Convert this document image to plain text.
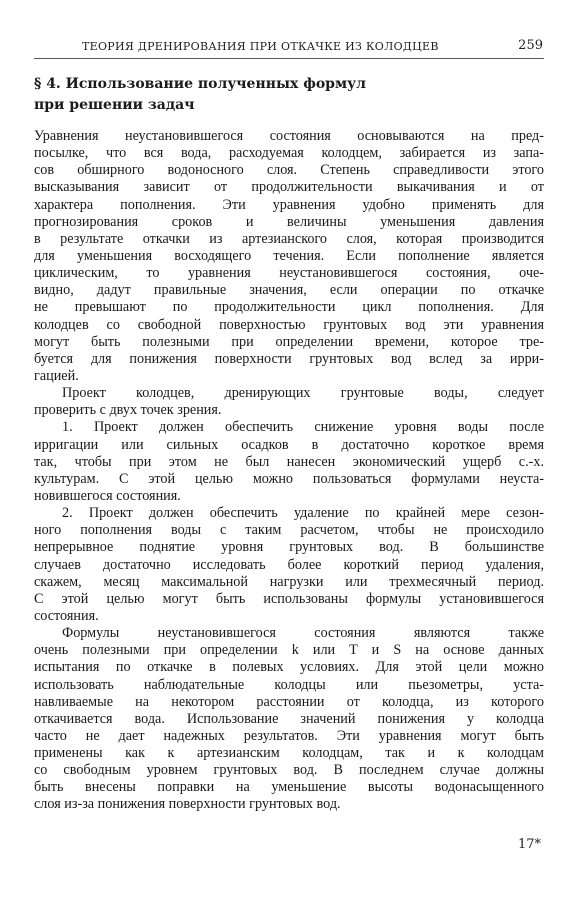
ТЕОРИЯ ДРЕНИРОВАНИЯ ПРИ ОТКАЧКЕ ИЗ КОЛОДЦЕВ	259
§ 4. Использование полученных формул
при решении задач
Уравнения неустановившегося состояния основываются на пред-
посылке, что вся вода, расходуемая колодцем, забирается из запа-
сов обширного водоносного слоя. Степень справедливости этого
высказывания зависит от продолжительности выкачивания и от
характера пополнения. Эти уравнения удобно применять для
прогнозирования сроков и величины уменьшения давления
в результате откачки из артезианского слоя, которая производится
для уменьшения восходящего течения. Если пополнение является
циклическим, то уравнения неустановившегося состояния, оче-
видно, дадут правильные значения, если операции по откачке
не превышают по продолжительности цикл пополнения. Для
колодцев со свободной поверхностью грунтовых вод эти уравнения
могут быть полезными при определении времени, которое тре-
буется для понижения поверхности грунтовых вод вслед за ирри-
гацией.
Проект колодцев, дренирующих грунтовые воды, следует
проверить с двух точек зрения.
1. Проект должен обеспечить снижение уровня воды после
ирригации или сильных осадков в достаточно короткое время
так, чтобы при этом не был нанесен экономический ущерб с.-х.
культурам. С этой целью можно пользоваться формулами неуста-
новившегося состояния.
2. Проект должен обеспечить удаление по крайней мере сезон-
ного пополнения воды с таким расчетом, чтобы не происходило
непрерывное поднятие уровня грунтовых вод. В большинстве
случаев достаточно исследовать более короткий период удаления,
скажем, месяц максимальной нагрузки или трехмесячный период.
С этой целью могут быть использованы формулы установившегося
состояния.
Формулы неустановившегося состояния являются также
очень полезными при определении k или T и S на основе данных
испытания по откачке в полевых условиях. Для этой цели можно
использовать наблюдательные колодцы или пьезометры, уста-
навливаемые на некотором расстоянии от колодца, из которого
откачивается вода. Использование значений понижения у колодца
часто не дает надежных результатов. Эти уравнения могут быть
применены как к артезианским колодцам, так и к колодцам
со свободным уровнем грунтовых вод. В последнем случае должны
быть внесены поправки на уменьшение высоты водонасыщенного
слоя из-за понижения поверхности грунтовых вод.
17*
